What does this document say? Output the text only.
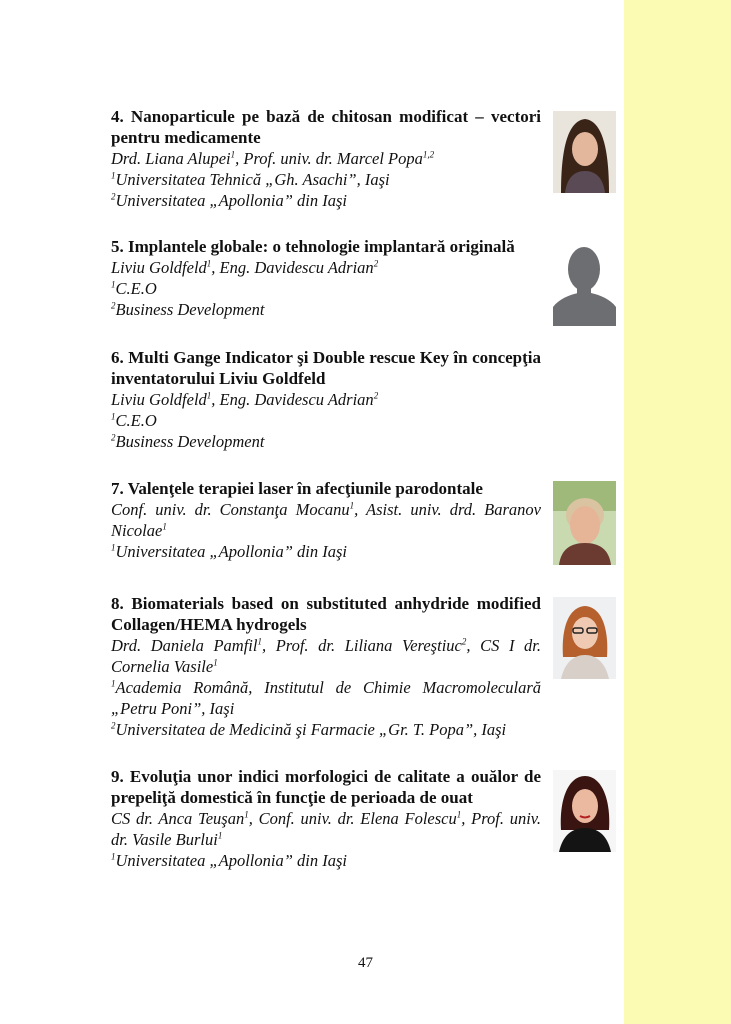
4. Nanoparticule pe bază de chitosan modificat – vectori pentru medicamente
Drd. Liana Alupei$^1$, Prof. univ. dr. Marcel Popa$^{1,2}$
$^1$Universitatea Tehnică „Gh. Asachi”, Iaşi
$^2$Universitatea „Apollonia” din Iaşi
5. Implantele globale: o tehnologie implantară originală
Liviu Goldfeld$^1$, Eng. Davidescu Adrian$^2$
$^1$C.E.O
$^2$Business Development
6. Multi Gange Indicator şi Double rescue Key în concepţia inventatorului Liviu Goldfeld
Liviu Goldfeld$^1$, Eng. Davidescu Adrian$^2$
$^1$C.E.O
$^2$Business Development
7. Valenţele terapiei laser în afecţiunile parodontale
Conf. univ. dr. Constanţa Mocanu$^1$, Asist. univ. drd. Baranov Nicolae$^1$
$^1$Universitatea „Apollonia” din Iaşi
8. Biomaterials based on substituted anhydride modified Collagen/HEMA hydrogels
Drd. Daniela Pamfil$^1$, Prof. dr. Liliana Vereştiuc$^2$, CS I dr. Cornelia Vasile$^1$
$^1$Academia Română, Institutul de Chimie Macromoleculară „Petru Poni”, Iaşi
$^2$Universitatea de Medicină şi Farmacie „Gr. T. Popa”, Iaşi
9. Evoluţia unor indici morfologici de calitate a ouălor de prepeliţă domestică în funcţie de perioada de ouat
CS dr. Anca Teuşan$^1$, Conf. univ. dr. Elena Folescu$^1$, Prof. univ. dr. Vasile Burlui$^1$
$^1$Universitatea „Apollonia” din Iaşi
47
